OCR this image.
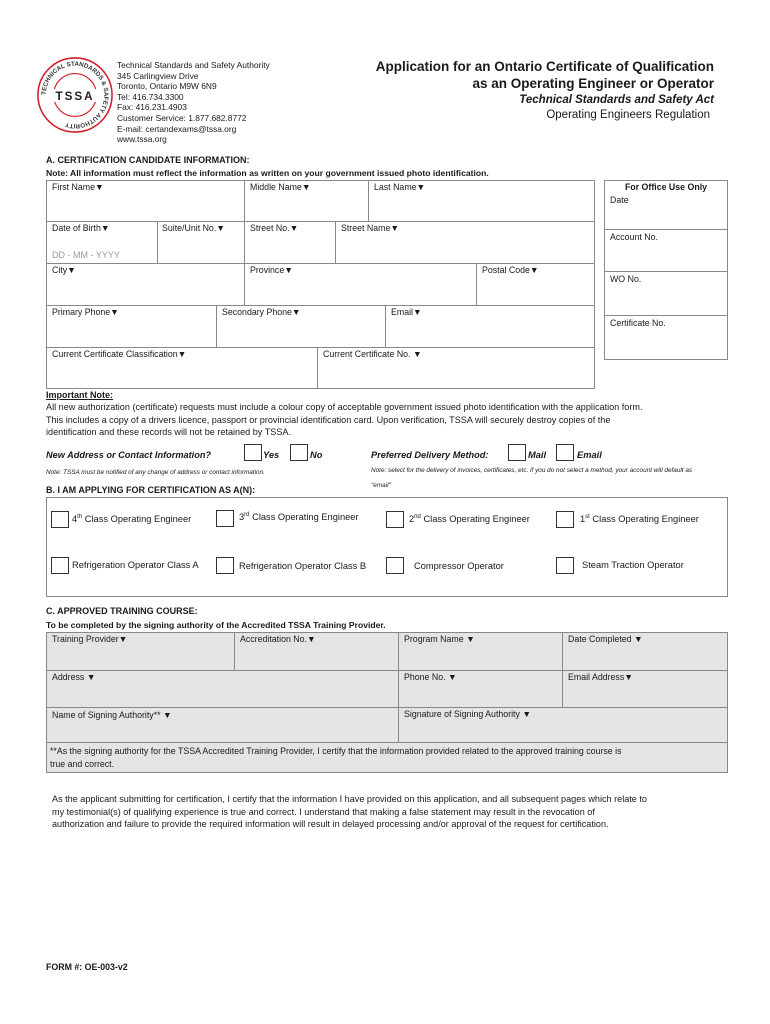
TECHNICAL STANDARDS & SAFETY AUTHORITY
TSSA
Technical Standards and Safety Authority
345 Carlingview Drive
Toronto, Ontario M9W 6N9
Tel: 416.734.3300
Fax: 416.231.4903
Customer Service: 1.877.682.8772
E-mail: certandexams@tssa.org
www.tssa.org
Application for an Ontario Certificate of Qualification
as an Operating Engineer or Operator
Technical Standards and Safety Act
Operating Engineers Regulation
A. CERTIFICATION CANDIDATE INFORMATION:
Note: All information must reflect the information as written on your government issued photo identification.
First Name▼	Middle Name▼	Last Name▼
Date of Birth▼	Suite/Unit No.▼	Street No.▼	Street Name▼
DD - MM - YYYY
City▼	Province▼	Postal Code▼
Primary Phone▼	Secondary Phone▼	Email▼
Current Certificate Classification▼	Current Certificate No. ▼
For Office Use Only
Date
Account No.
WO No.
Certificate No.
Important Note:
All new authorization (certificate) requests must include a colour copy of acceptable government issued photo identification with the application form.
This includes a copy of a drivers licence, passport or provincial identification card. Upon verification, TSSA will securely destroy copies of the
identification and these records will not be retained by TSSA.
New Address or Contact Information?	Yes	No	Preferred Delivery Method:	Mail	Email
Note: TSSA must be notified of any change of address or contact information.	Note: select for the delivery of invoices, certificates, etc. if you do not select a method, your account will default as
"email"
B. I AM APPLYING FOR CERTIFICATION AS A(N):
4th Class Operating Engineer	3rd Class Operating Engineer	2nd Class Operating Engineer	1st Class Operating Engineer
Refrigeration Operator Class A	Refrigeration Operator Class B	Compressor Operator	Steam Traction Operator
C. APPROVED TRAINING COURSE:
To be completed by the signing authority of the Accredited TSSA Training Provider.
Training Provider▼	Accreditation No.▼	Program Name ▼	Date Completed ▼
Address ▼	Phone No. ▼	Email Address▼
Name of Signing Authority** ▼	Signature of Signing Authority ▼
**As the signing authority for the TSSA Accredited Training Provider, I certify that the information provided related to the approved training course is
true and correct.
As the applicant submitting for certification, I certify that the information I have provided on this application, and all subsequent pages which relate to
my testimonial(s) of qualifying experience is true and correct. I understand that making a false statement may result in the revocation of
authorization and failure to provide the required information will result in delayed processing and/or approval of the request for certification.
FORM #: OE-003-v2
